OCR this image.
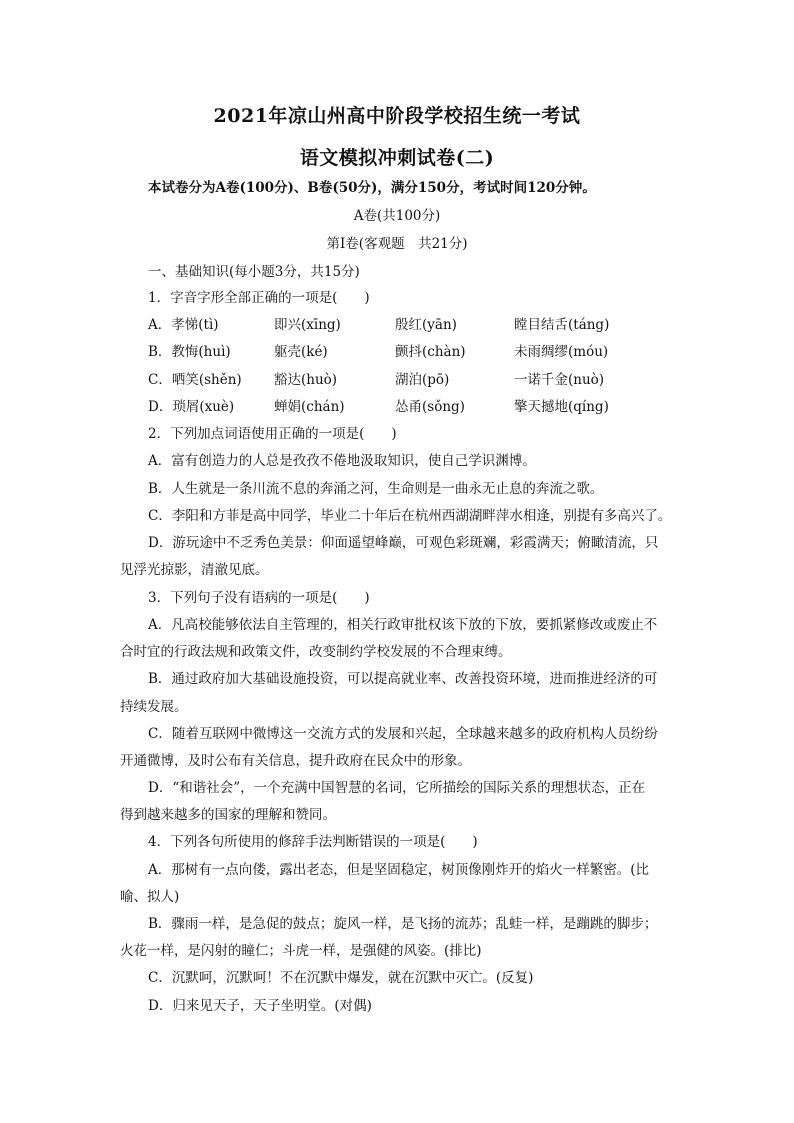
2021年凉山州高中阶段学校招生统一考试
语文模拟冲刺试卷(二)
本试卷分为A卷(100分)、B卷(50分)，满分150分，考试时间120分钟。
A卷(共100分)
第Ⅰ卷(客观题　共21分)
一、基础知识(每小题3分，共15分)
1．字音字形全部正确的一项是(　　)
A．孝悌(tì)	即兴(xīng)	殷红(yān)	瞠目结舌(táng)
B．教悔(huì)	躯壳(ké)	颤抖(chàn)	未雨绸缪(móu)
C．哂笑(shěn) 豁达(huò)	湖泊(pō)	一诺千金(nuò)
D．琐屑(xuè)	蝉娟(chán)	怂甬(sǒng)	擎天撼地(qíng)
2．下列加点词语使用正确的一项是(　　)
A．富有创造力的人总是孜孜不倦地汲取知识，使自己学识渊博。
B．人生就是一条川流不息的奔涌之河，生命则是一曲永无止息的奔流之歌。
C．李阳和方菲是高中同学，毕业二十年后在杭州西湖湖畔萍水相逢，别提有多高兴了。
D．游玩途中不乏秀色美景：仰面遥望峰巅，可观色彩斑斓，彩霞满天；俯瞰清流，只
见浮光掠影，清澈见底。
3．下列句子没有语病的一项是(　　)
A．凡高校能够依法自主管理的，相关行政审批权该下放的下放，要抓紧修改或废止不
合时宜的行政法规和政策文件，改变制约学校发展的不合理束缚。
B．通过政府加大基础设施投资，可以提高就业率、改善投资环境，进而推进经济的可
持续发展。
C．随着互联网中微博这一交流方式的发展和兴起，全球越来越多的政府机构人员纷纷
开通微博，及时公布有关信息，提升政府在民众中的形象。
D．“和谐社会”，一个充满中国智慧的名词，它所描绘的国际关系的理想状态，正在
得到越来越多的国家的理解和赞同。
4．下列各句所使用的修辞手法判断错误的一项是(　　)
A．那树有一点向偻，露出老态，但是坚固稳定，树顶像刚炸开的焰火一样繁密。(比
喻、拟人)
B．骤雨一样，是急促的鼓点；旋风一样，是飞扬的流苏；乱蛙一样，是蹦跳的脚步；
火花一样，是闪射的瞳仁；斗虎一样，是强健的风姿。(排比)
C．沉默呵，沉默呵！不在沉默中爆发，就在沉默中灭亡。(反复)
D．归来见天子，天子坐明堂。(对偶)
